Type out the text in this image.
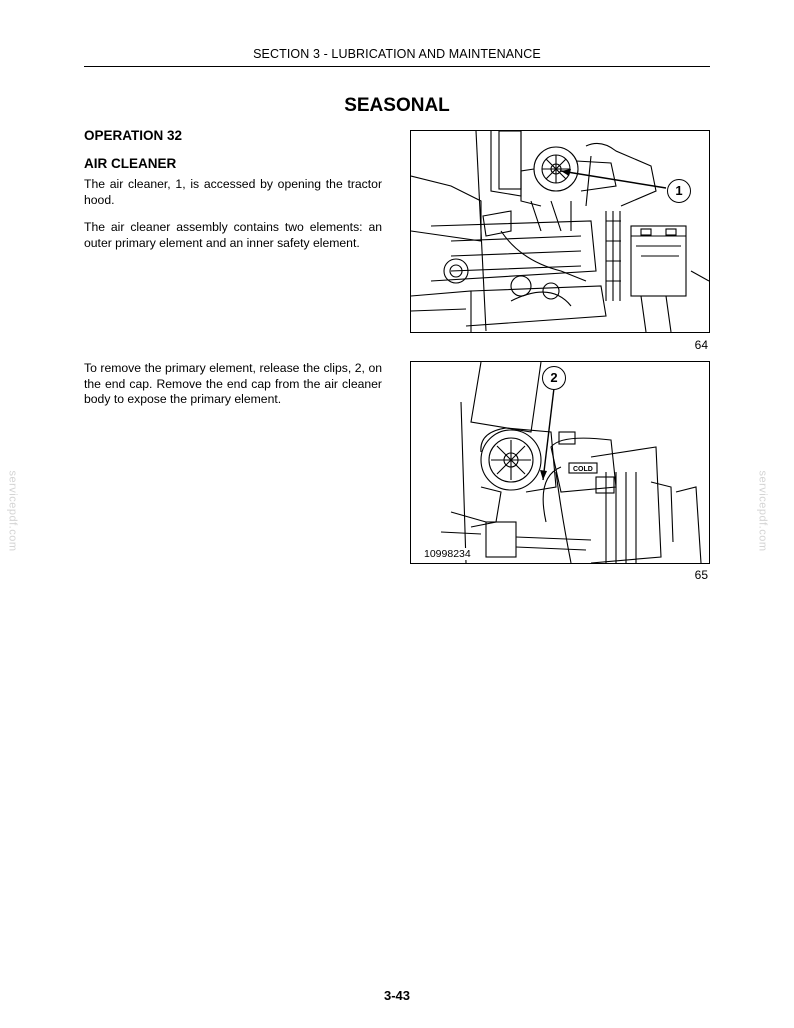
SECTION 3 - LUBRICATION AND MAINTENANCE
SEASONAL
OPERATION 32
AIR CLEANER
The air cleaner, 1, is accessed by opening the tractor hood.
The air cleaner assembly contains two elements: an outer primary element and an inner safety element.
To remove the primary element, release the clips, 2, on the end cap. Remove the end cap from the air cleaner body to expose the primary element.
1
64
COLD
2
10998234
65
servicepdf.com	servicepdf.com
3-43
